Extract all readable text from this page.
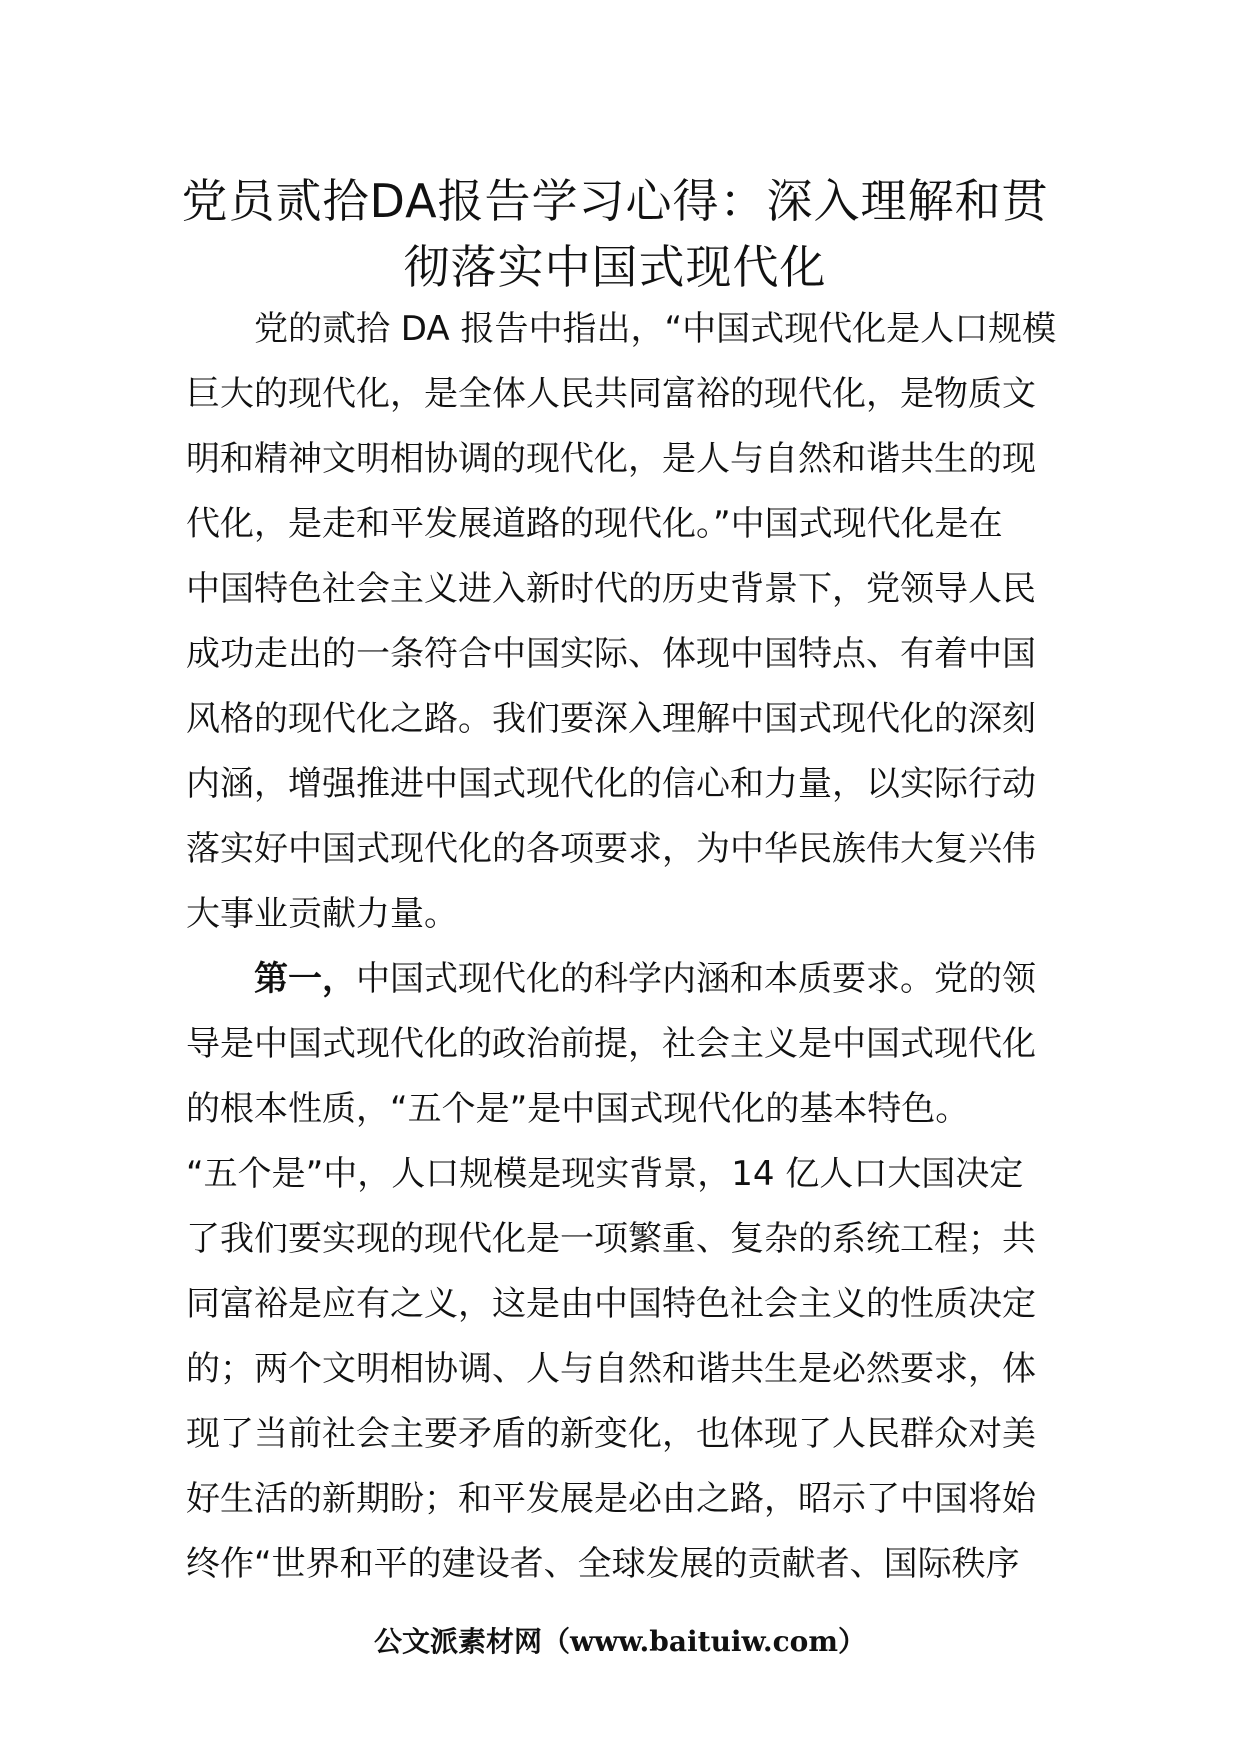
党员贰拾DA报告学习心得：深入理解和贯
彻落实中国式现代化

党的贰拾 DA 报告中指出，“中国式现代化是人口规模
巨大的现代化，是全体人民共同富裕的现代化，是物质文
明和精神文明相协调的现代化，是人与自然和谐共生的现
代化，是走和平发展道路的现代化。”中国式现代化是在
中国特色社会主义进入新时代的历史背景下，党领导人民
成功走出的一条符合中国实际、体现中国特点、有着中国
风格的现代化之路。我们要深入理解中国式现代化的深刻
内涵，增强推进中国式现代化的信心和力量，以实际行动
落实好中国式现代化的各项要求，为中华民族伟大复兴伟
大事业贡献力量。

第一，中国式现代化的科学内涵和本质要求。党的领
导是中国式现代化的政治前提，社会主义是中国式现代化
的根本性质，“五个是”是中国式现代化的基本特色。
“五个是”中，人口规模是现实背景，14 亿人口大国决定
了我们要实现的现代化是一项繁重、复杂的系统工程；共
同富裕是应有之义，这是由中国特色社会主义的性质决定
的；两个文明相协调、人与自然和谐共生是必然要求，体
现了当前社会主要矛盾的新变化，也体现了人民群众对美
好生活的新期盼；和平发展是必由之路，昭示了中国将始
终作“世界和平的建设者、全球发展的贡献者、国际秩序

公文派素材网（www.baituiw.com）
